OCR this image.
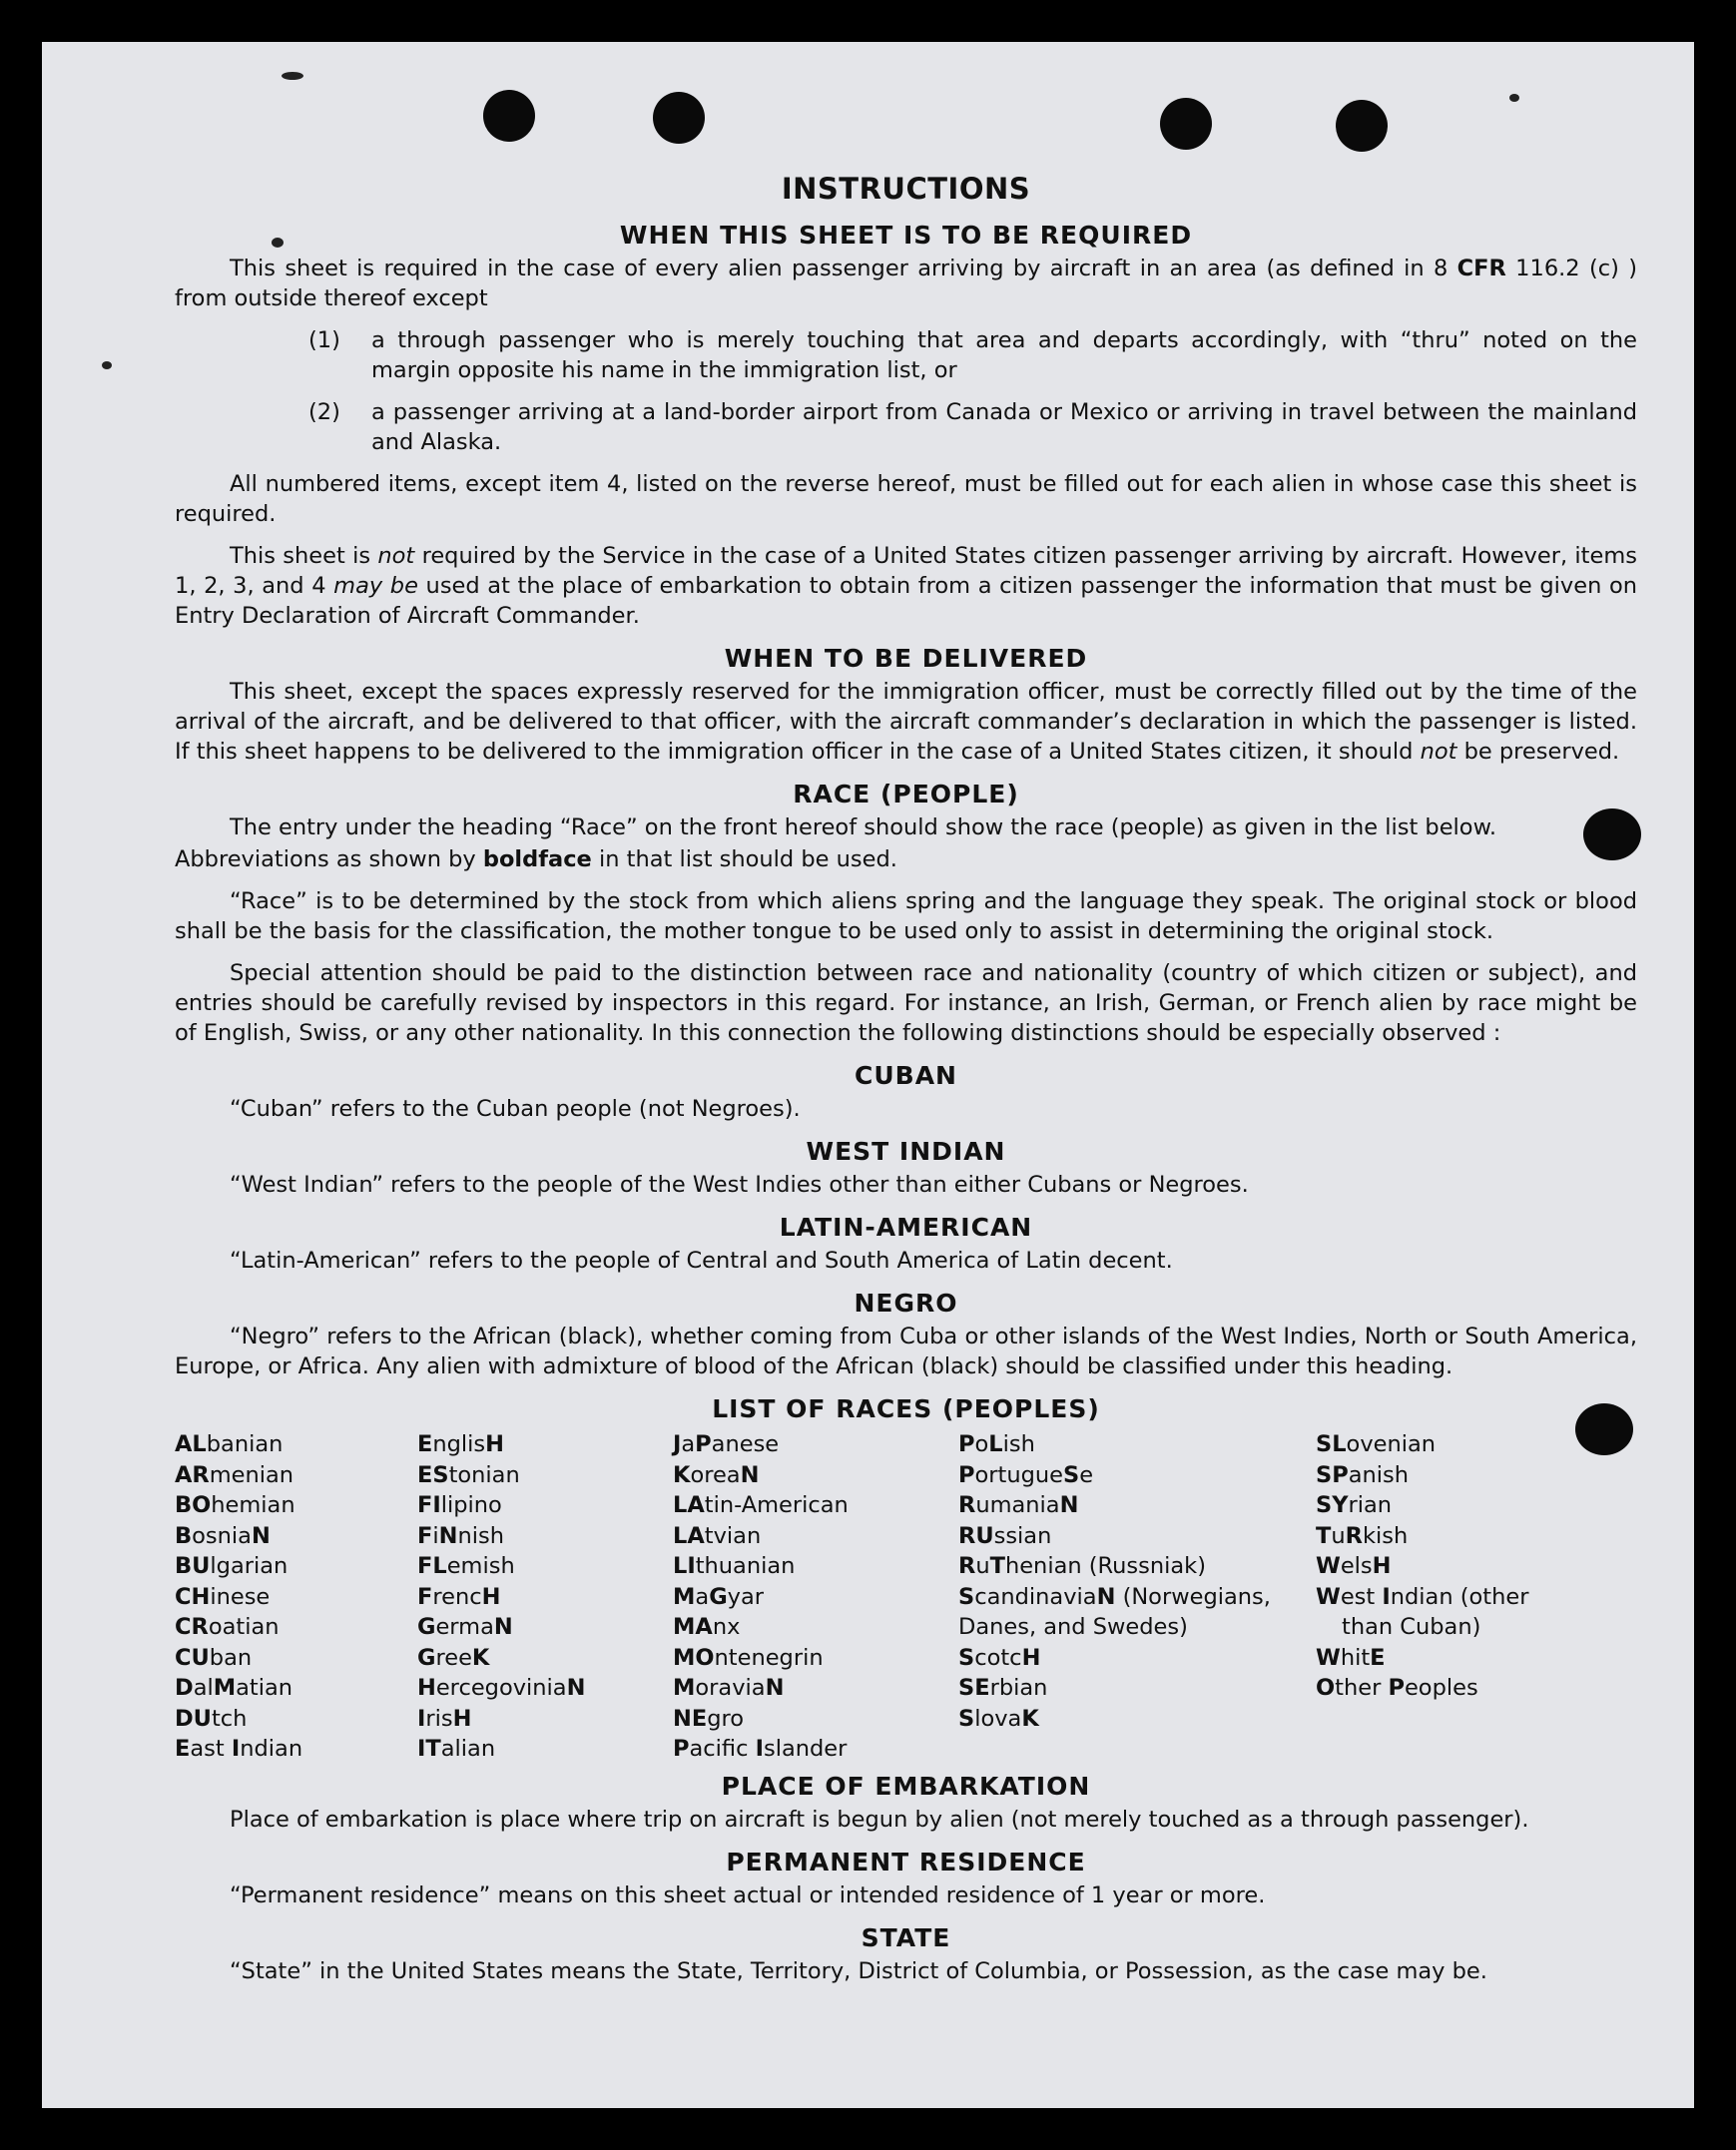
INSTRUCTIONS
WHEN THIS SHEET IS TO BE REQUIRED

This sheet is required in the case of every alien passenger arriving by aircraft in an area (as defined in 8 CFR 116.2 (c) ) from outside thereof except

(1)	a through passenger who is merely touching that area and departs accordingly, with “thru” noted on the margin opposite his name in the immigration list, or
(2)	a passenger arriving at a land-border airport from Canada or Mexico or arriving in travel between the mainland and Alaska.

All numbered items, except item 4, listed on the reverse hereof, must be filled out for each alien in whose case this sheet is required.

This sheet is not required by the Service in the case of a United States citizen passenger arriving by aircraft. However, items 1, 2, 3, and 4 may be used at the place of embarkation to obtain from a citizen passenger the information that must be given on Entry Declaration of Aircraft Commander.

WHEN TO BE DELIVERED

This sheet, except the spaces expressly reserved for the immigration officer, must be correctly filled out by the time of the arrival of the aircraft, and be delivered to that officer, with the aircraft commander’s declaration in which the passenger is listed. If this sheet happens to be delivered to the immigration officer in the case of a United States citizen, it should not be preserved.

RACE (PEOPLE)

The entry under the heading “Race” on the front hereof should show the race (people) as given in the list below.

Abbreviations as shown by boldface in that list should be used.

“Race” is to be determined by the stock from which aliens spring and the language they speak. The original stock or blood shall be the basis for the classification, the mother tongue to be used only to assist in determining the original stock.

Special attention should be paid to the distinction between race and nationality (country of which citizen or subject), and entries should be carefully revised by inspectors in this regard. For instance, an Irish, German, or French alien by race might be of English, Swiss, or any other nationality. In this connection the following distinctions should be especially observed :

CUBAN

“Cuban” refers to the Cuban people (not Negroes).

WEST INDIAN

“West Indian” refers to the people of the West Indies other than either Cubans or Negroes.

LATIN-AMERICAN

“Latin-American” refers to the people of Central and South America of Latin decent.

NEGRO

“Negro” refers to the African (black), whether coming from Cuba or other islands of the West Indies, North or South America, Europe, or Africa. Any alien with admixture of blood of the African (black) should be classified under this heading.

LIST OF RACES (PEOPLES)
ALbanian
ARmenian
BOhemian
BosniaN
BUlgarian
CHinese
CRoatian
CUban
DalMatian
DUtch
East Indian
EnglisH
EStonian
FIlipino
FiNnish
FLemish
FrencH
GermaN
GreeK
HercegoviniaN
IrisH
ITalian
JaPanese
KoreaN
LAtin-American
LAtvian
LIthuanian
MaGyar
MAnx
MOntenegrin
MoraviaN
NEgro
Pacific Islander
PoLish
PortugueSe
RumaniaN
RUssian
RuThenian (Russniak)
ScandinaviaN (Norwegians, Danes, and Swedes)
ScotcH
SErbian
SlovaK
SLovenian
SPanish
SYrian
TuRkish
WelsH
West Indian (other
than Cuban)
WhitE
Other Peoples
PLACE OF EMBARKATION

Place of embarkation is place where trip on aircraft is begun by alien (not merely touched as a through passenger).

PERMANENT RESIDENCE

“Permanent residence” means on this sheet actual or intended residence of 1 year or more.

STATE

“State” in the United States means the State, Territory, District of Columbia, or Possession, as the case may be.
